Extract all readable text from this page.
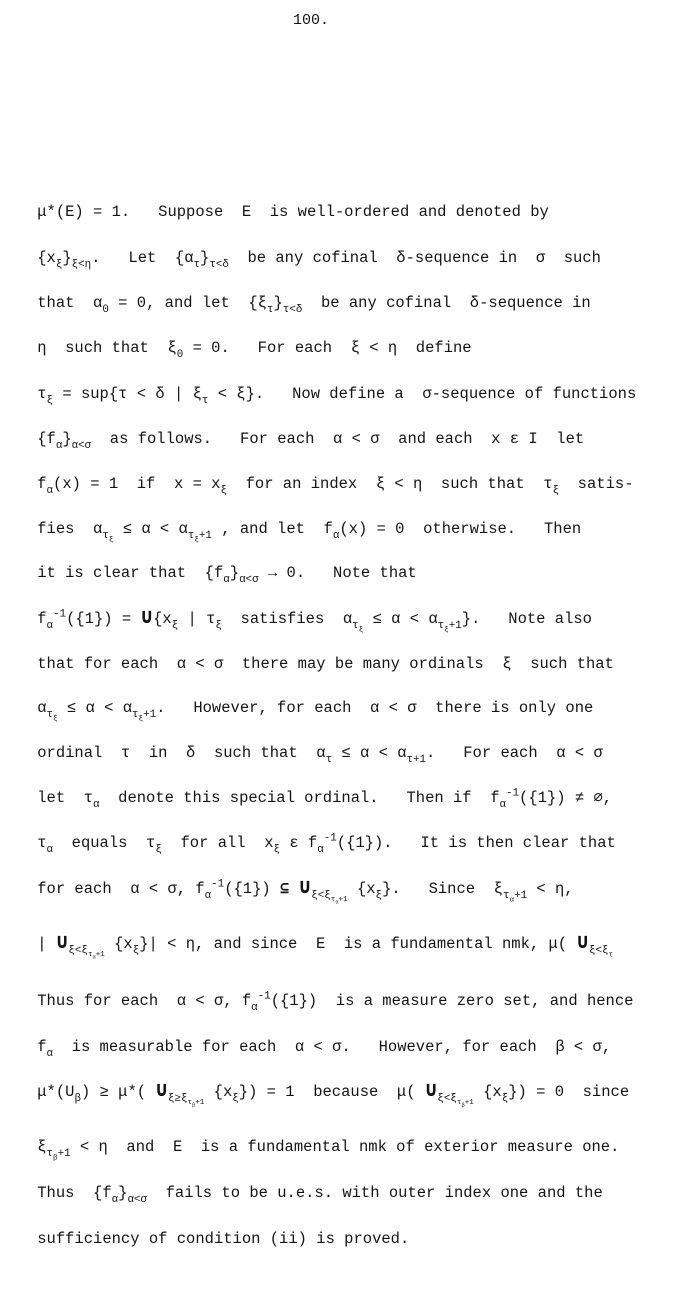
100.

μ*(E) = 1.   Suppose  E  is well-ordered and denoted by

$\{x_\xi\}_{\xi<\eta}$.   Let  $\{\alpha_\tau\}_{\tau<\delta}$  be any cofinal  δ-sequence in  σ  such

that  $\alpha_0 = 0$, and let  $\{\xi_\tau\}_{\tau<\delta}$  be any cofinal  δ-sequence in

η  such that  $\xi_0 = 0$.   For each  ξ < η  define

$\tau_\xi = sup\{\tau < \delta$ | $\xi_\tau < \xi$}.   Now define a  σ-sequence of functions

$\{f_\alpha\}_{\alpha<\sigma}$  as follows.   For each  α < σ  and each  x ε I  let

$f_\alpha(x) = 1$  if  $x = x_\xi$  for an index  ξ < η  such that  $\tau_\xi$  satis-

fies  $\alpha_{\tau_\xi} \le \alpha < \alpha_{\tau_\xi+1}$ , and let  $f_\alpha(x) = 0$  otherwise.   Then

it is clear that  $\{f_\alpha\}_{\alpha<\sigma} \to 0$.   Note that

$f_\alpha^{-1}(\{1\})$ = $\cup\{x_\xi$ | $\tau_\xi$  satisfies  $\alpha_{\tau_\xi} \le \alpha < \alpha_{\tau_\xi+1}$}.   Note also

that for each  α < σ  there may be many ordinals  ξ  such that

$\alpha_{\tau_\xi} \le \alpha < \alpha_{\tau_\xi+1}$.   However, for each  α < σ  there is only one

ordinal  τ  in  δ  such that  $\alpha_\tau \le \alpha < \alpha_{\tau+1}$.   For each  α < σ

let  $\tau_\alpha$  denote this special ordinal.   Then if  $f_\alpha^{-1}(\{1\})$ ≠ ∅,

$\tau_\alpha$  equals  $\tau_\xi$  for all  $x_\xi$ ε $f_\alpha^{-1}(\{1\})$.   It is then clear that

for each  α < σ, $f_\alpha^{-1}(\{1\})$ ⊆ $\cup_{\xi<\xi_{\tau_\alpha+1}}$ $\{x_\xi\}$.   Since  $\xi_{\tau_\alpha+1} < \eta$,

| $\cup_{\xi<\xi_{\tau_\alpha+1}}$ $\{x_\xi\}| < \eta$, and since  E  is a fundamental nmk, μ( $\cup_{\xi<\xi_\tau}$

Thus for each  α < σ, $f_\alpha^{-1}(\{1\})$  is a measure zero set, and hence

$f_\alpha$  is measurable for each  α < σ.   However, for each  β < σ,

$\mu*(U_\beta) \ge \mu*$( $\cup_{\xi\ge\xi_{\tau_\beta+1}}$ $\{x_\xi\}) = 1$  because  μ( $\cup_{\xi<\xi_{\tau_\beta+1}}$ $\{x_\xi\}) = 0$  since

$\xi_{\tau_\beta+1} < \eta$  and  E  is a fundamental nmk of exterior measure one.

Thus  $\{f_\alpha\}_{\alpha<\sigma}$  fails to be u.e.s. with outer index one and the

sufficiency of condition (ii) is proved.
